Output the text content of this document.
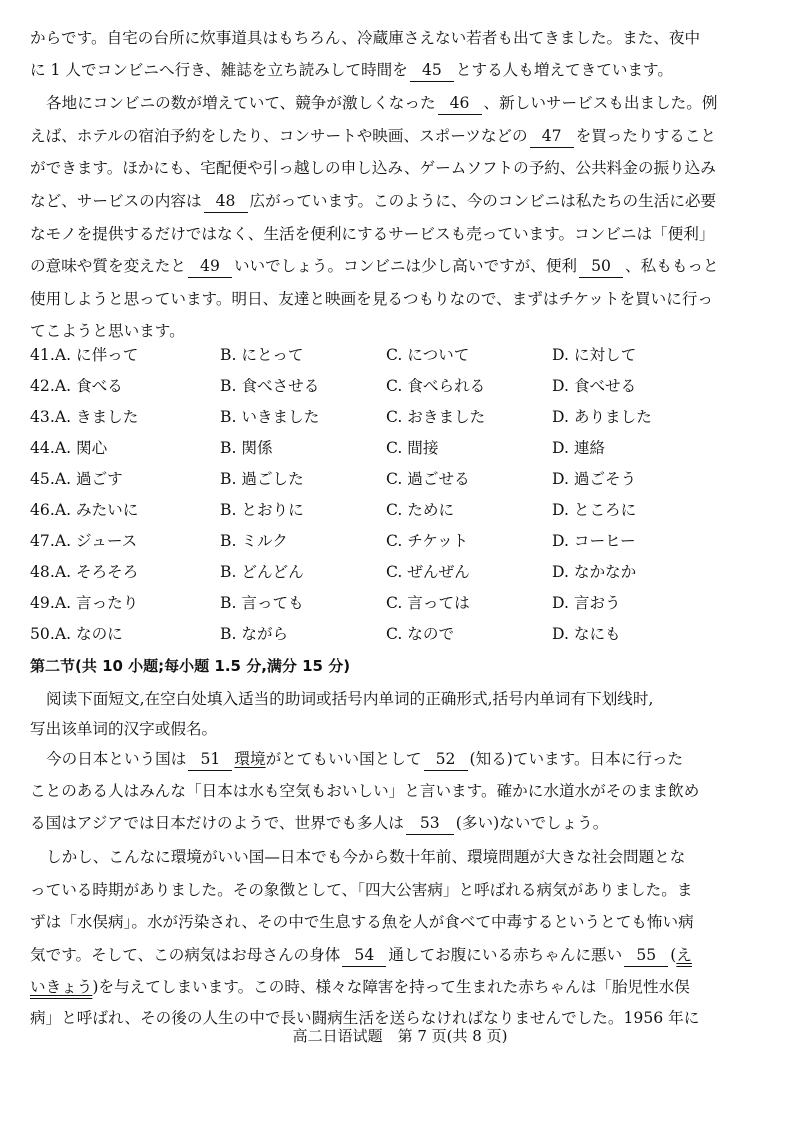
からです。自宅の台所に炊事道具はもちろん、冷蔵庫さえない若者も出てきました。また、夜中
に 1 人でコンビニへ行き、雑誌を立ち読みして時間を 45 とする人も増えてきています。
各地にコンビニの数が増えていて、競争が激しくなった 46 、新しいサービスも出ました。例
えば、ホテルの宿泊予約をしたり、コンサートや映画、スポーツなどの 47 を買ったりすること
ができます。ほかにも、宅配便や引っ越しの申し込み、ゲームソフトの予約、公共料金の振り込み
など、サービスの内容は 48 広がっています。このように、今のコンビニは私たちの生活に必要
なモノを提供するだけではなく、生活を便利にするサービスも売っています。コンビニは「便利」
の意味や質を変えたと 49 いいでしょう。コンビニは少し高いですが、便利 50 、私ももっと
使用しようと思っています。明日、友達と映画を見るつもりなので、まずはチケットを買いに行っ
てこようと思います。
41.A. に伴って	B. にとって	C. について	D. に対して
42.A. 食べる	B. 食べさせる	C. 食べられる	D. 食べせる
43.A. きました	B. いきました	C. おきました	D. ありました
44.A. 関心	B. 関係	C. 間接	D. 連絡
45.A. 過ごす	B. 過ごした	C. 過ごせる	D. 過ごそう
46.A. みたいに	B. とおりに	C. ために	D. ところに
47.A. ジュース	B. ミルク	C. チケット	D. コーヒー
48.A. そろそろ	B. どんどん	C. ぜんぜん	D. なかなか
49.A. 言ったり	B. 言っても	C. 言っては	D. 言おう
50.A. なのに	B. ながら	C. なので	D. なにも
第二节(共 10 小题;每小题 1.5 分,满分 15 分)
阅读下面短文,在空白处填入适当的助词或括号内单词的正确形式,括号内单词有下划线时,
写出该单词的汉字或假名。
今の日本という国は 51 環境がとてもいい国として 52 (知る)ています。日本に行った
ことのある人はみんな「日本は水も空気もおいしい」と言います。確かに水道水がそのまま飲め
る国はアジアでは日本だけのようで、世界でも多人は 53 (多い)ないでしょう。
しかし、こんなに環境がいい国—日本でも今から数十年前、環境問題が大きな社会問題とな
っている時期がありました。その象徴として、「四大公害病」と呼ばれる病気がありました。ま
ずは「水俣病」。水が汚染され、その中で生息する魚を人が食べて中毒するというとても怖い病
気です。そして、この病気はお母さんの身体 54 通してお腹にいる赤ちゃんに悪い 55 (え
いきょう)を与えてしまいます。この時、様々な障害を持って生まれた赤ちゃんは「胎児性水俣
病」と呼ばれ、その後の人生の中で長い闘病生活を送らなければなりませんでした。1956 年に
高二日语试题　第 7 页(共 8 页)
